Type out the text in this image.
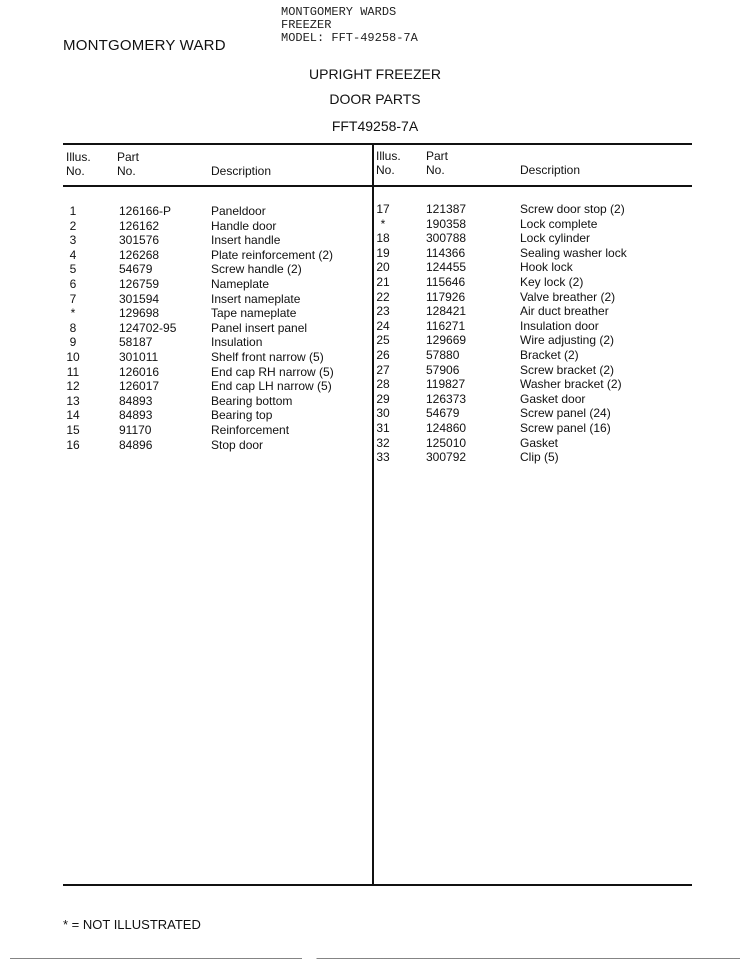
MONTGOMERY WARDS
FREEZER
MODEL: FFT-49258-7A
MONTGOMERY WARD
UPRIGHT FREEZER
DOOR PARTS
FFT49258-7A
Illus.
No.
Part
No.	Description
Illus.
No.
Part
No.	Description
1	126166-P	Paneldoor
2	126162	Handle door
3	301576	Insert handle
4	126268	Plate reinforcement (2)
5	54679	Screw handle (2)
6	126759	Nameplate
7	301594	Insert nameplate
*	129698	Tape nameplate
8	124702-95	Panel insert panel
9	58187	Insulation
10	301011	Shelf front narrow (5)
11	126016	End cap RH narrow (5)
12	126017	End cap LH narrow (5)
13	84893	Bearing bottom
14	84893	Bearing top
15	91170	Reinforcement
16	84896	Stop door
17	121387	Screw door stop (2)
*	190358	Lock complete
18	300788	Lock cylinder
19	114366	Sealing washer lock
20	124455	Hook lock
21	115646	Key lock (2)
22	117926	Valve breather (2)
23	128421	Air duct breather
24	116271	Insulation door
25	129669	Wire adjusting (2)
26	57880	Bracket (2)
27	57906	Screw bracket (2)
28	119827	Washer bracket (2)
29	126373	Gasket door
30	54679	Screw panel (24)
31	124860	Screw panel (16)
32	125010	Gasket
33	300792	Clip (5)
* = NOT ILLUSTRATED
